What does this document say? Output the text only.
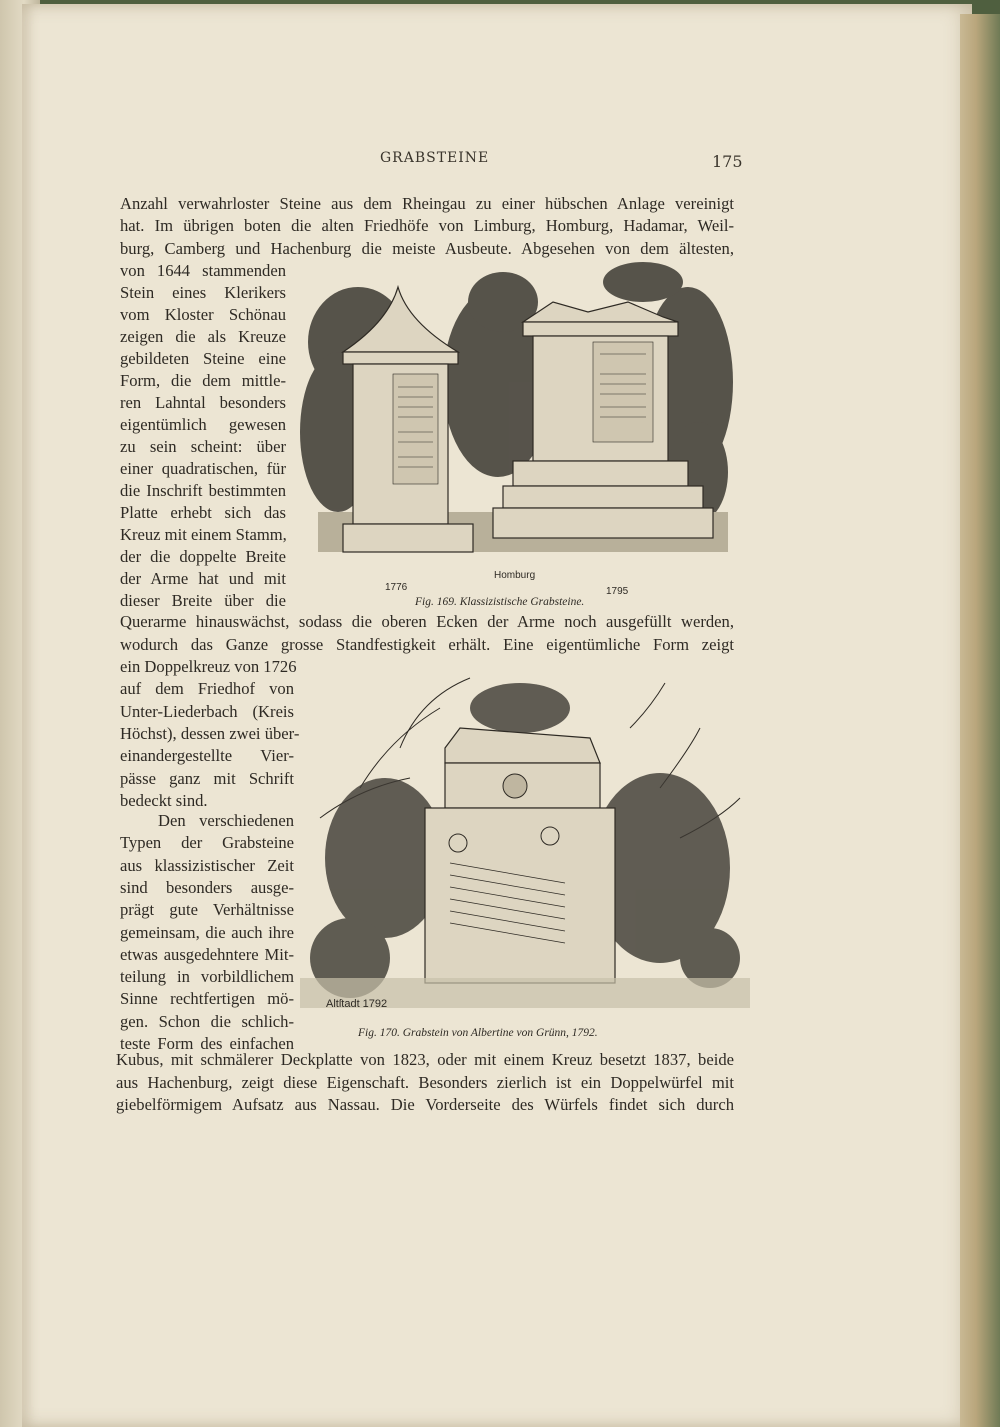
GRABSTEINE	175
Anzahl verwahrloster Steine aus dem Rheingau zu einer hübschen Anlage vereinigt
hat. Im übrigen boten die alten Friedhöfe von Limburg, Homburg, Hadamar, Weil-
burg, Camberg und Hachenburg die meiste Ausbeute. Abgesehen von dem ältesten,
von 1644 stammenden
Stein eines Klerikers
vom Kloster Schönau
zeigen die als Kreuze
gebildeten Steine eine
Form, die dem mittle-
ren Lahntal besonders
eigentümlich gewesen
zu sein scheint: über
einer quadratischen, für
die Inschrift bestimmten
Platte erhebt sich das
Kreuz mit einem Stamm,
der die doppelte Breite
der Arme hat und mit
dieser Breite über die
Querarme hinauswächst, sodass die oberen Ecken der Arme noch ausgefüllt werden,
wodurch das Ganze grosse Standfestigkeit erhält. Eine eigentümliche Form zeigt
1776
Homburg
1795
Fig. 169. Klassizistische Grabsteine.
ein Doppelkreuz von 1726
auf dem Friedhof von
Unter-Liederbach (Kreis
Höchst), dessen zwei über-
einandergestellte Vier-
pässe ganz mit Schrift
bedeckt sind.
Den verschiedenen
Typen der Grabsteine
aus klassizistischer Zeit
sind besonders ausge-
prägt gute Verhältnisse
gemeinsam, die auch ihre
etwas ausgedehntere Mit-
teilung in vorbildlichem
Sinne rechtfertigen mö-
gen. Schon die schlich-
teste Form des einfachen
Kubus, mit schmälerer Deckplatte von 1823, oder mit einem Kreuz besetzt 1837, beide
aus Hachenburg, zeigt diese Eigenschaft. Besonders zierlich ist ein Doppelwürfel mit
giebelförmigem Aufsatz aus Nassau. Die Vorderseite des Würfels findet sich durch
Altſtadt 1792
Fig. 170. Grabstein von Albertine von Grünn, 1792.
